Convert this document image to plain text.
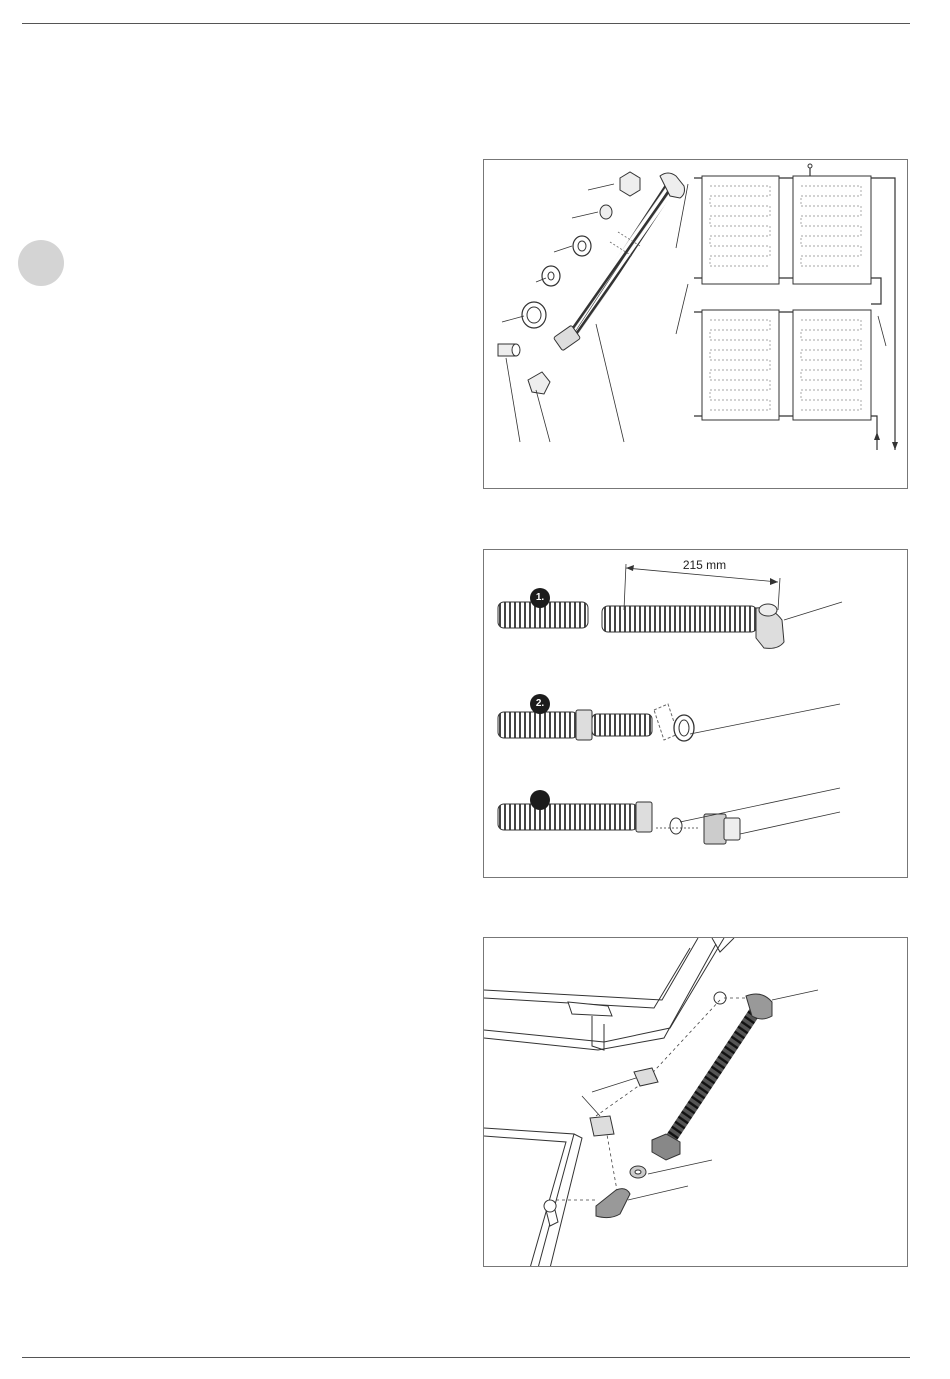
215 mm
1.
2.
